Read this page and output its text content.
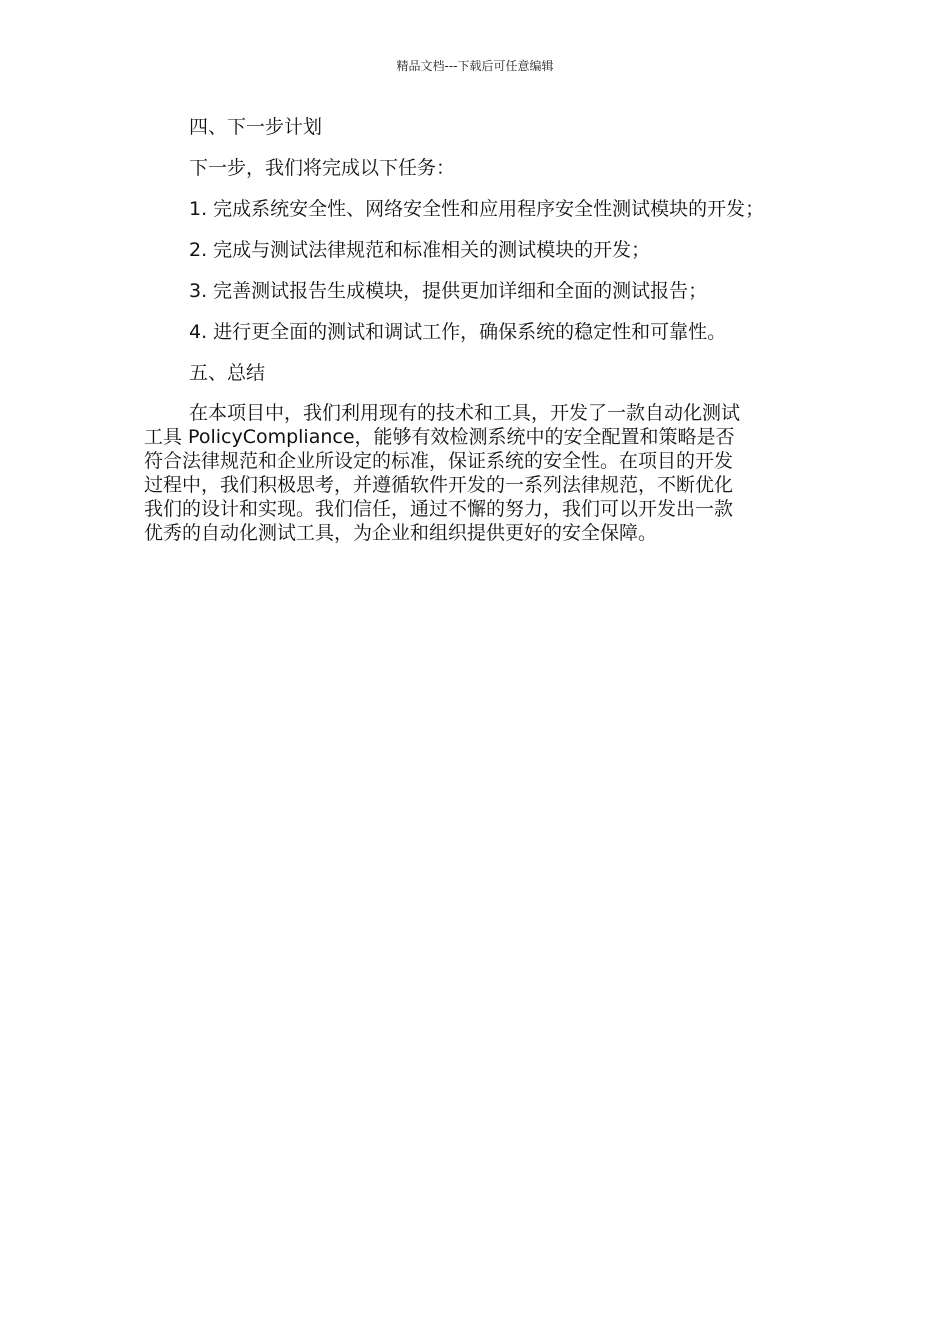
精品文档---下载后可任意编辑

四、下一步计划

下一步，我们将完成以下任务：

1. 完成系统安全性、网络安全性和应用程序安全性测试模块的开发；

2. 完成与测试法律规范和标准相关的测试模块的开发；

3. 完善测试报告生成模块，提供更加详细和全面的测试报告；

4. 进行更全面的测试和调试工作，确保系统的稳定性和可靠性。

五、总结

在本项目中，我们利用现有的技术和工具，开发了一款自动化测试
工具 PolicyCompliance，能够有效检测系统中的安全配置和策略是否
符合法律规范和企业所设定的标准，保证系统的安全性。在项目的开发
过程中，我们积极思考，并遵循软件开发的一系列法律规范，不断优化
我们的设计和实现。我们信任，通过不懈的努力，我们可以开发出一款
优秀的自动化测试工具，为企业和组织提供更好的安全保障。
